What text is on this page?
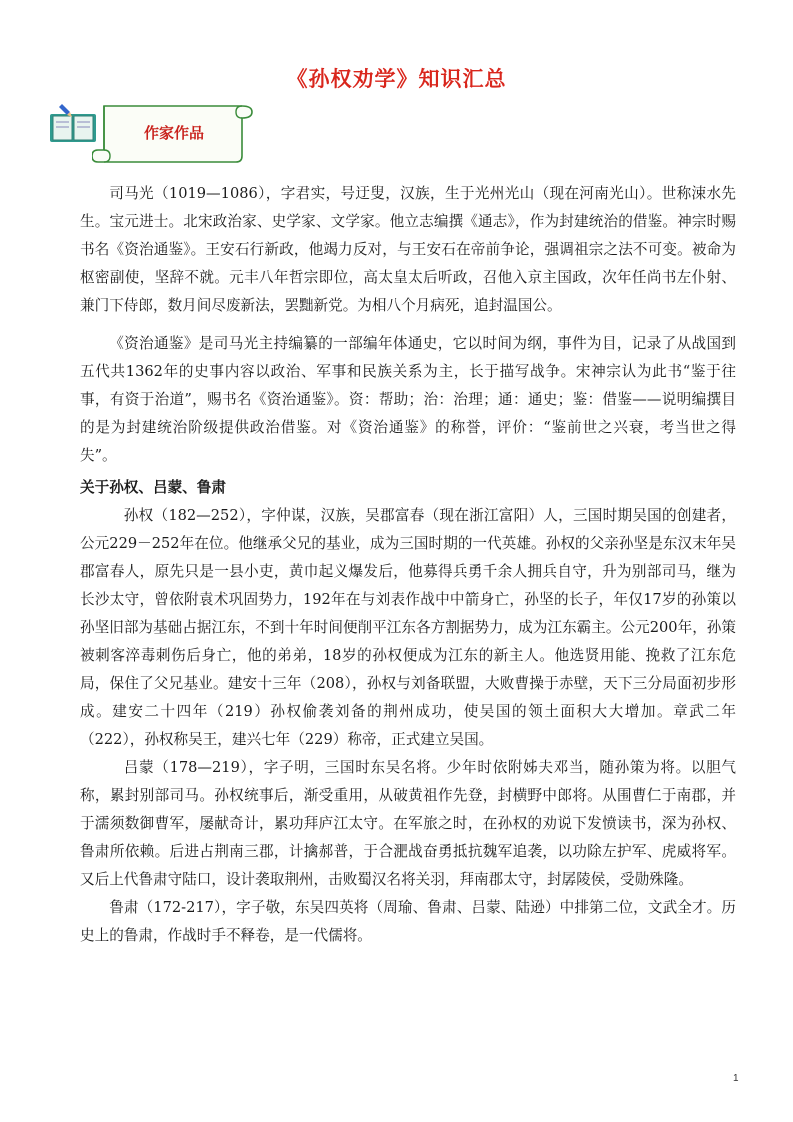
《孙权劝学》知识汇总
作家作品

司马光（1019—1086），字君实，号迂叟，汉族，生于光州光山（现在河南光山）。世称涑水先生。宝元进士。北宋政治家、史学家、文学家。他立志编撰《通志》，作为封建统治的借鉴。神宗时赐书名《资治通鉴》。王安石行新政，他竭力反对，与王安石在帝前争论，强调祖宗之法不可变。被命为枢密副使，坚辞不就。元丰八年哲宗即位，高太皇太后听政，召他入京主国政，次年任尚书左仆射、兼门下侍郎，数月间尽废新法，罢黜新党。为相八个月病死，追封温国公。

《资治通鉴》是司马光主持编纂的一部编年体通史，它以时间为纲，事件为目，记录了从战国到五代共1362年的史事内容以政治、军事和民族关系为主，长于描写战争。宋神宗认为此书“鉴于往事，有资于治道”，赐书名《资治通鉴》。资：帮助；治：治理；通：通史；鉴：借鉴——说明编撰目的是为封建统治阶级提供政治借鉴。对《资治通鉴》的称誉，评价：“鉴前世之兴衰，考当世之得失”。

关于孙权、吕蒙、鲁肃

孙权（182—252），字仲谋，汉族，吴郡富春（现在浙江富阳）人，三国时期吴国的创建者，公元229－252年在位。他继承父兄的基业，成为三国时期的一代英雄。孙权的父亲孙坚是东汉末年吴郡富春人，原先只是一县小吏，黄巾起义爆发后，他募得兵勇千余人拥兵自守，升为别部司马，继为长沙太守，曾依附袁术巩固势力，192年在与刘表作战中中箭身亡，孙坚的长子，年仅17岁的孙策以孙坚旧部为基础占据江东，不到十年时间便削平江东各方割据势力，成为江东霸主。公元200年，孙策被刺客淬毒刺伤后身亡，他的弟弟，18岁的孙权便成为江东的新主人。他选贤用能、挽救了江东危局，保住了父兄基业。建安十三年（208），孙权与刘备联盟，大败曹操于赤壁，天下三分局面初步形成。建安二十四年（219）孙权偷袭刘备的荆州成功，使吴国的领土面积大大增加。章武二年（222），孙权称吴王，建兴七年（229）称帝，正式建立吴国。

吕蒙（178—219），字子明，三国时东吴名将。少年时依附姊夫邓当，随孙策为将。以胆气称，累封别部司马。孙权统事后，渐受重用，从破黄祖作先登，封横野中郎将。从围曹仁于南郡，并于濡须数御曹军，屡献奇计，累功拜庐江太守。在军旅之时，在孙权的劝说下发愤读书，深为孙权、鲁肃所依赖。后进占荆南三郡，计擒郝普，于合淝战奋勇抵抗魏军追袭，以功除左护军、虎威将军。又后上代鲁肃守陆口，设计袭取荆州，击败蜀汉名将关羽，拜南郡太守，封孱陵侯，受勋殊隆。

鲁肃（172-217），字子敬，东吴四英将（周瑜、鲁肃、吕蒙、陆逊）中排第二位，文武全才。历史上的鲁肃，作战时手不释卷，是一代儒将。

1
